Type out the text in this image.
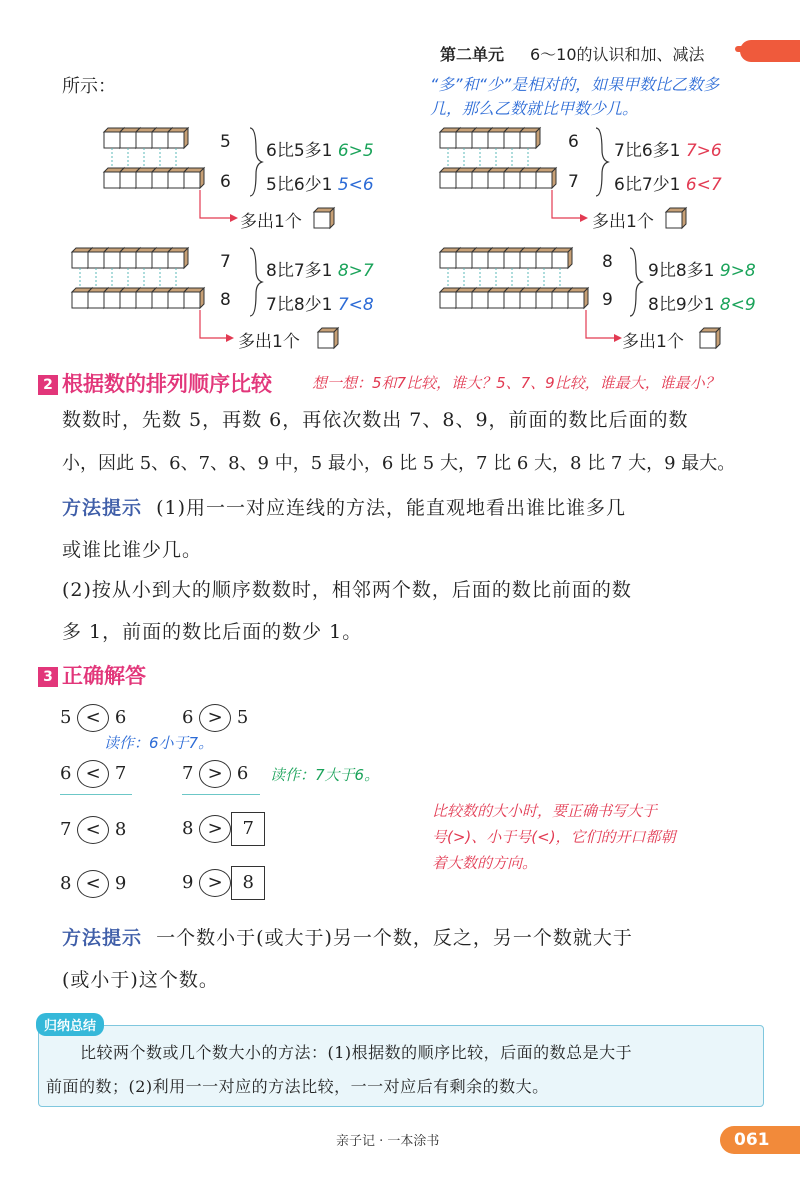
第二单元 6～10的认识和加、减法
所示：	“多”和“少”是相对的，如果甲数比乙数多
几，那么乙数就比甲数少几。
5
6
6比5多1 6>5
5比6少1 5<6
多出1个
6
7
7比6多1 7>6
6比7少1 6<7
多出1个
7
8
8比7多1 8>7
7比8少1 7<8
多出1个
8
9
9比8多1 9>8
8比9少1 8<9
多出1个
2 根据数的排列顺序比较	想一想：5和7比较，谁大？5、7、9比较，谁最大，谁最小？
数数时，先数 5，再数 6，再依次数出 7、8、9，前面的数比后面的数
小，因此 5、6、7、8、9 中，5 最小，6 比 5 大，7 比 6 大，8 比 7 大，9 最大。
方法提示 (1)用一一对应连线的方法，能直观地看出谁比谁多几
或谁比谁少几。
(2)按从小到大的顺序数数时，相邻两个数，后面的数比前面的数
多 1，前面的数比后面的数少 1。
3 正确解答
5 < 6	6 > 5
读作：6小于7。
6 < 7	7 > 6	读作：7大于6。
7 < 8	8 > 7
8 < 9	9 > 8
比较数的大小时，要正确书写大于
号(>)、小于号(<)，它们的开口都朝
着大数的方向。
方法提示 一个数小于(或大于)另一个数，反之，另一个数就大于
(或小于)这个数。
归纳总结
比较两个数或几个数大小的方法：(1)根据数的顺序比较，后面的数总是大于
前面的数；(2)利用一一对应的方法比较，一一对应后有剩余的数大。
亲子记 · 一本涂书	061
